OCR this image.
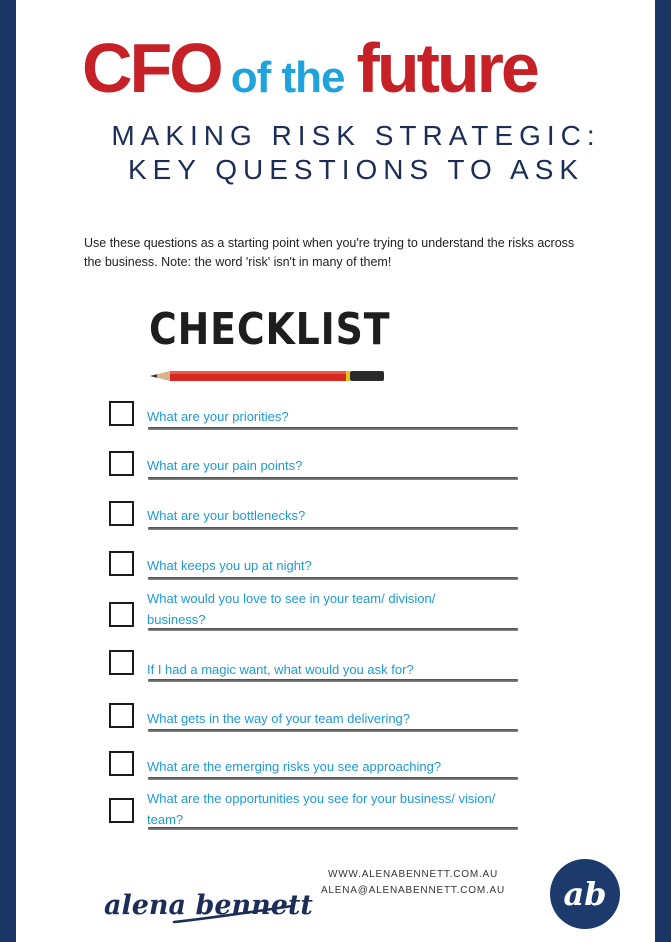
CFO of the future
MAKING RISK STRATEGIC:
KEY QUESTIONS TO ASK
Use these questions as a starting point when you're trying to understand the risks across the business. Note: the word 'risk' isn't in many of them!
CHECKLIST
What are your priorities?
What are your pain points?
What are your bottlenecks?
What keeps you up at night?
What would you love to see in your team/ division/ business?
If I had a magic want, what would you ask for?
What gets in the way of your team delivering?
What are the emerging risks you see approaching?
What are the opportunities you see for your business/ vision/ team?
alena bennett
WWW.ALENABENNETT.COM.AU
ALENA@ALENABENNETT.COM.AU	ab
